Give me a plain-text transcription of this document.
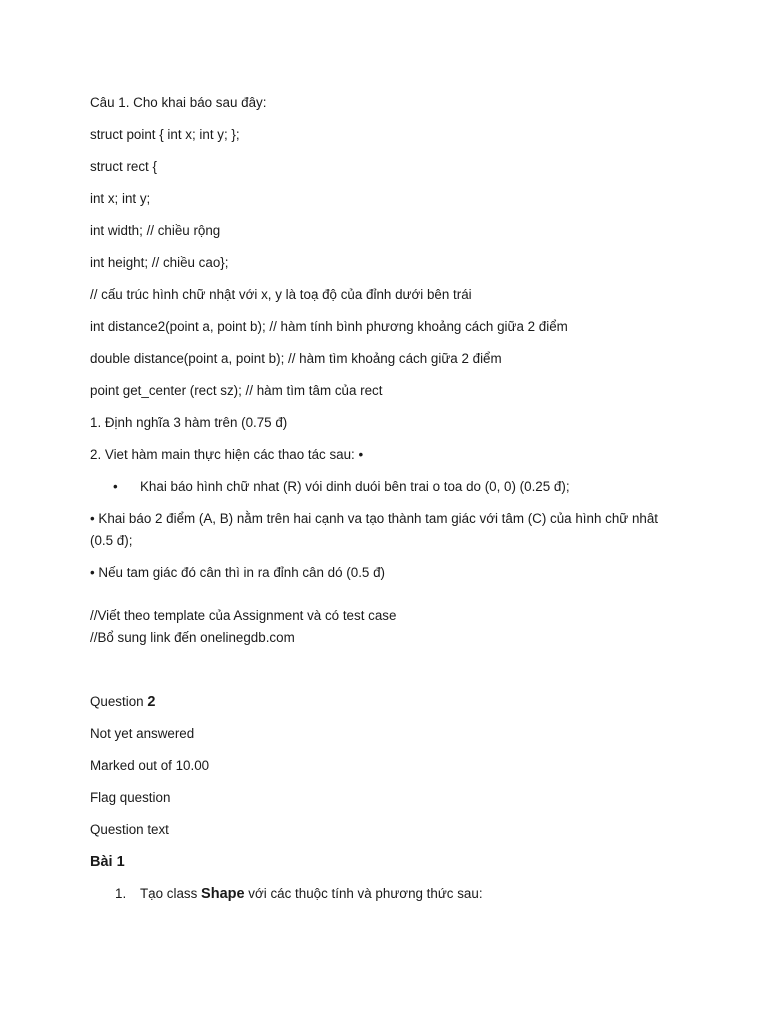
Câu 1. Cho khai báo sau đây:
struct point { int x; int y; };
struct rect {
int x; int y;
int width; // chiều rộng
int height; // chiều cao};
// cấu trúc hình chữ nhật với x, y là toạ độ của đỉnh dưới bên trái
int distance2(point a, point b); // hàm tính bình phương khoảng cách giữa 2 điểm
double distance(point a, point b); // hàm tìm khoảng cách giữa 2 điểm
point get_center (rect sz); // hàm tìm tâm của rect
1. Định nghĩa 3 hàm trên (0.75 đ)
2. Viet hàm main thực hiện các thao tác sau: •
• Khai báo hình chữ nhat (R) vói dinh duói bên trai o toa do (0, 0) (0.25 đ);
• Khai báo 2 điểm (A, B) nằm trên hai cạnh va tạo thành tam giác với tâm (C) của hình chữ nhât (0.5 đ);
• Nếu tam giác đó cân thì in ra đỉnh cân dó (0.5 đ)
//Viết theo template của Assignment và có test case
//Bổ sung link đến onelinegdb.com
Question 2
Not yet answered
Marked out of 10.00
Flag question
Question text
Bài 1
1. Tạo class Shape với các thuộc tính và phương thức sau:
